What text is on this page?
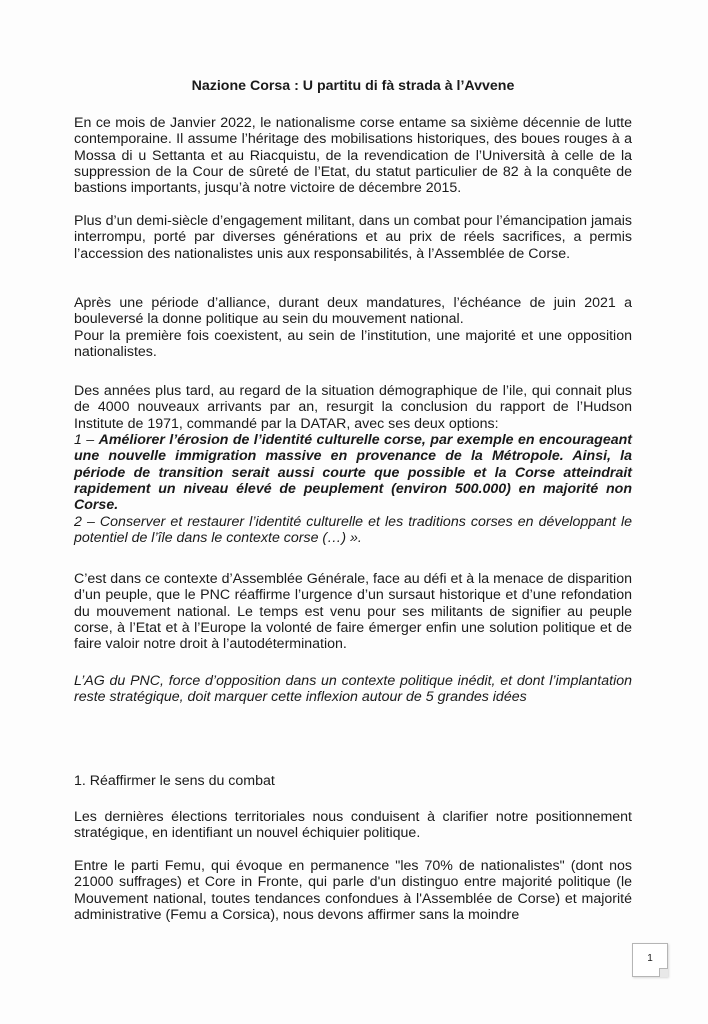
Nazione Corsa : U partitu di fà strada à l’Avvene

En ce mois de Janvier 2022, le nationalisme corse entame sa sixième décennie de lutte contemporaine. Il assume l’héritage des mobilisations historiques, des boues rouges à a Mossa di u Settanta et au Riacquistu, de la revendication de l’Università à celle de la suppression de la Cour de sûreté de l’Etat, du statut particulier de 82 à la conquête de bastions importants, jusqu’à notre victoire de décembre 2015.

Plus d’un demi-siècle d’engagement militant, dans un combat pour l’émancipation jamais interrompu, porté par diverses générations et au prix de réels sacrifices, a permis l’accession des nationalistes unis aux responsabilités, à l’Assemblée de Corse.

Après une période d’alliance, durant deux mandatures, l’échéance de juin 2021 a bouleversé la donne politique au sein du mouvement national.

Pour la première fois coexistent, au sein de l’institution, une majorité et une opposition nationalistes.

Des années plus tard, au regard de la situation démographique de l’ile, qui connait plus de 4000 nouveaux arrivants par an, resurgit la conclusion du rapport de l’Hudson Institute de 1971, commandé par la DATAR, avec ses deux options:

1 – Améliorer l’érosion de l’identité culturelle corse, par exemple en encourageant une nouvelle immigration massive en provenance de la Métropole. Ainsi, la période de transition serait aussi courte que possible et la Corse atteindrait rapidement un niveau élevé de peuplement (environ 500.000) en majorité non Corse.

2 – Conserver et restaurer l’identité culturelle et les traditions corses en développant le potentiel de l’île dans le contexte corse (…) ».

C’est dans ce contexte d’Assemblée Générale, face au défi et à la menace de disparition d’un peuple, que le PNC réaffirme l’urgence d’un sursaut historique et d’une refondation du mouvement national. Le temps est venu pour ses militants de signifier au peuple corse, à l’Etat et à l’Europe la volonté de faire émerger enfin une solution politique et de faire valoir notre droit à l’autodétermination.

L’AG du PNC, force d’opposition dans un contexte politique inédit, et dont l’implantation reste stratégique, doit marquer cette inflexion autour de 5 grandes idées

1. Réaffirmer le sens du combat

Les dernières élections territoriales nous conduisent à clarifier notre positionnement stratégique, en identifiant un nouvel échiquier politique.

Entre le parti Femu, qui évoque en permanence "les 70% de nationalistes" (dont nos 21000 suffrages) et Core in Fronte, qui parle d'un distinguo entre majorité politique (le Mouvement national, toutes tendances confondues à l'Assemblée de Corse) et majorité administrative (Femu a Corsica), nous devons affirmer sans la moindre

1
